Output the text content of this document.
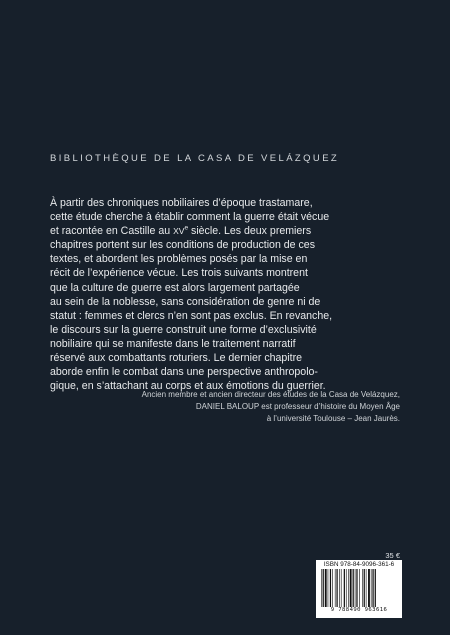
BIBLIOTHÈQUE DE LA CASA DE VELÁZQUEZ
À partir des chroniques nobiliaires d’époque trastamare,
cette étude cherche à établir comment la guerre était vécue
et racontée en Castille au XVe siècle. Les deux premiers
chapitres portent sur les conditions de production de ces
textes, et abordent les problèmes posés par la mise en
récit de l’expérience vécue. Les trois suivants montrent
que la culture de guerre est alors largement partagée
au sein de la noblesse, sans considération de genre ni de
statut : femmes et clercs n’en sont pas exclus. En revanche,
le discours sur la guerre construit une forme d’exclusivité
nobiliaire qui se manifeste dans le traitement narratif
réservé aux combattants roturiers. Le dernier chapitre
aborde enfin le combat dans une perspective anthropolo-
gique, en s’attachant au corps et aux émotions du guerrier.
Ancien membre et ancien directeur des études de la Casa de Velázquez,
DANIEL BALOUP est professeur d’histoire du Moyen Âge
à l’université Toulouse – Jean Jaurès.
35 €
ISBN 978-84-9096-361-6
9 788490 963616
